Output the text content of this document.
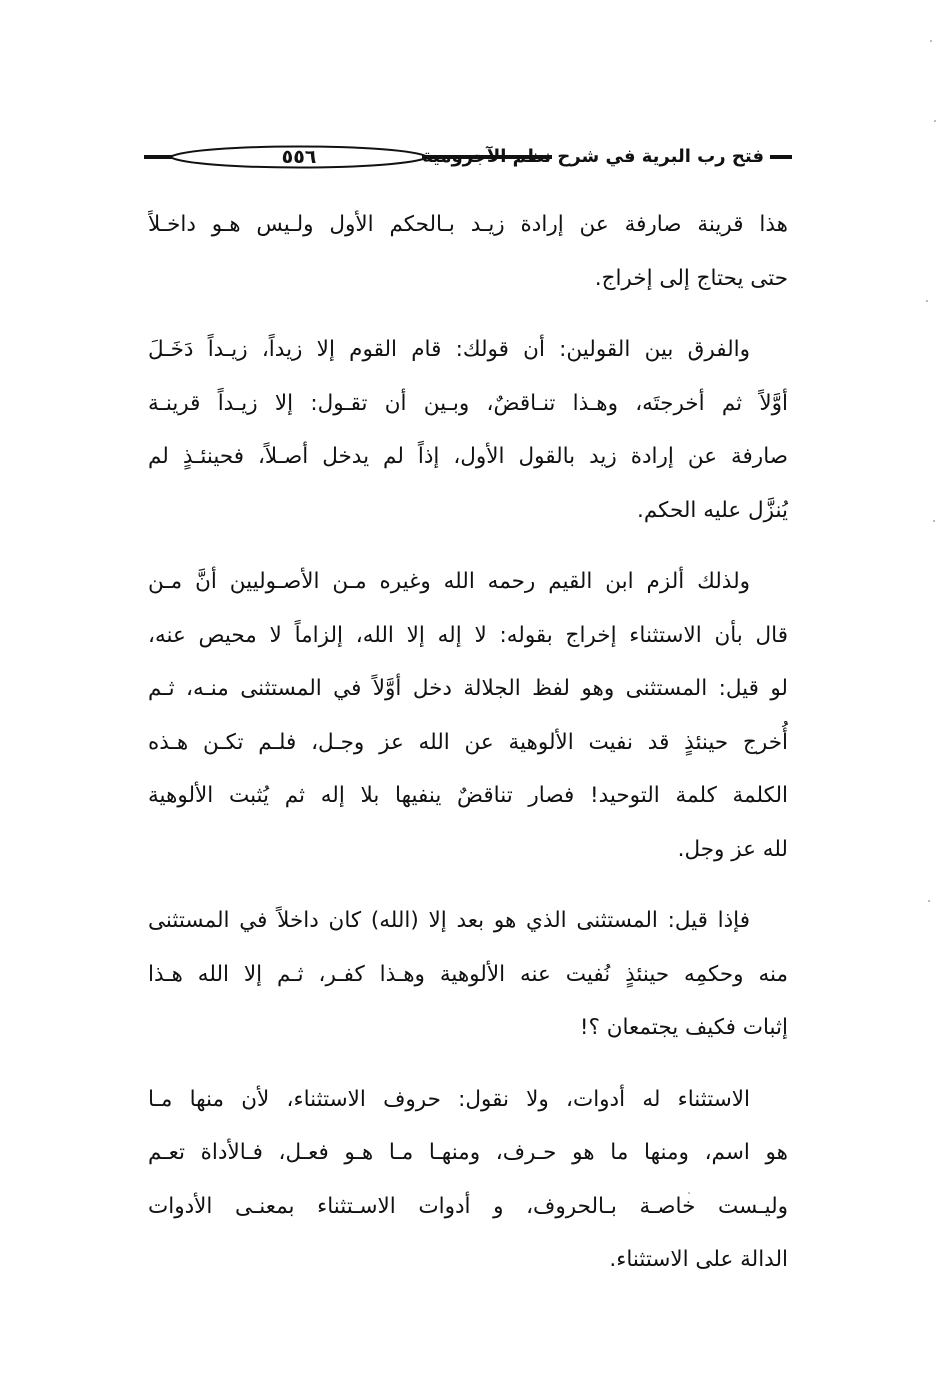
٥٥٦	فتح رب البرية في شرح نظم الآجرومية
هذا قرينة صارفة عن إرادة زيـد بـالحكم الأول ولـيس هـو داخـلاً
حتى يحتاج إلى إخراج.
والفرق بين القولين: أن قولك: قام القوم إلا زيداً، زيـداً دَخَـلَ
أوَّلاً ثم أخرجتَه، وهـذا تنـاقضٌ، وبـين أن تقـول: إلا زيـداً قرينـة
صارفة عن إرادة زيد بالقول الأول، إذاً لم يدخل أصـلاً، فحينئـذٍ لم
يُنزَّل عليه الحكم.
ولذلك ألزم ابن القيم رحمه الله وغيره مـن الأصـوليين أنَّ مـن
قال بأن الاستثناء إخراج بقوله: لا إله إلا الله، إلزاماً لا محيص عنه،
لو قيل: المستثنى وهو لفظ الجلالة دخل أوَّلاً في المستثنى منـه، ثـم
أُخرج حينئذٍ قد نفيت الألوهية عن الله عز وجـل، فلـم تكـن هـذه
الكلمة كلمة التوحيد! فصار تناقضٌ ينفيها بلا إله ثم يُثبت الألوهية
لله عز وجل.
فإذا قيل: المستثنى الذي هو بعد إلا (الله) كان داخلاً في المستثنى
منه وحكمِه حينئذٍ نُفيت عنه الألوهية وهـذا كفـر، ثـم إلا الله هـذا
إثبات فكيف يجتمعان ؟!
الاستثناء له أدوات، ولا نقول: حروف الاستثناء، لأن منها مـا
هو اسم، ومنها ما هو حـرف، ومنهـا مـا هـو فعـل، فـالأداة تعـم
وليـست خاصـة بـالحروف، و أدوات الاسـتثناء بمعنـى الأدوات
الدالة على الاستثناء.
